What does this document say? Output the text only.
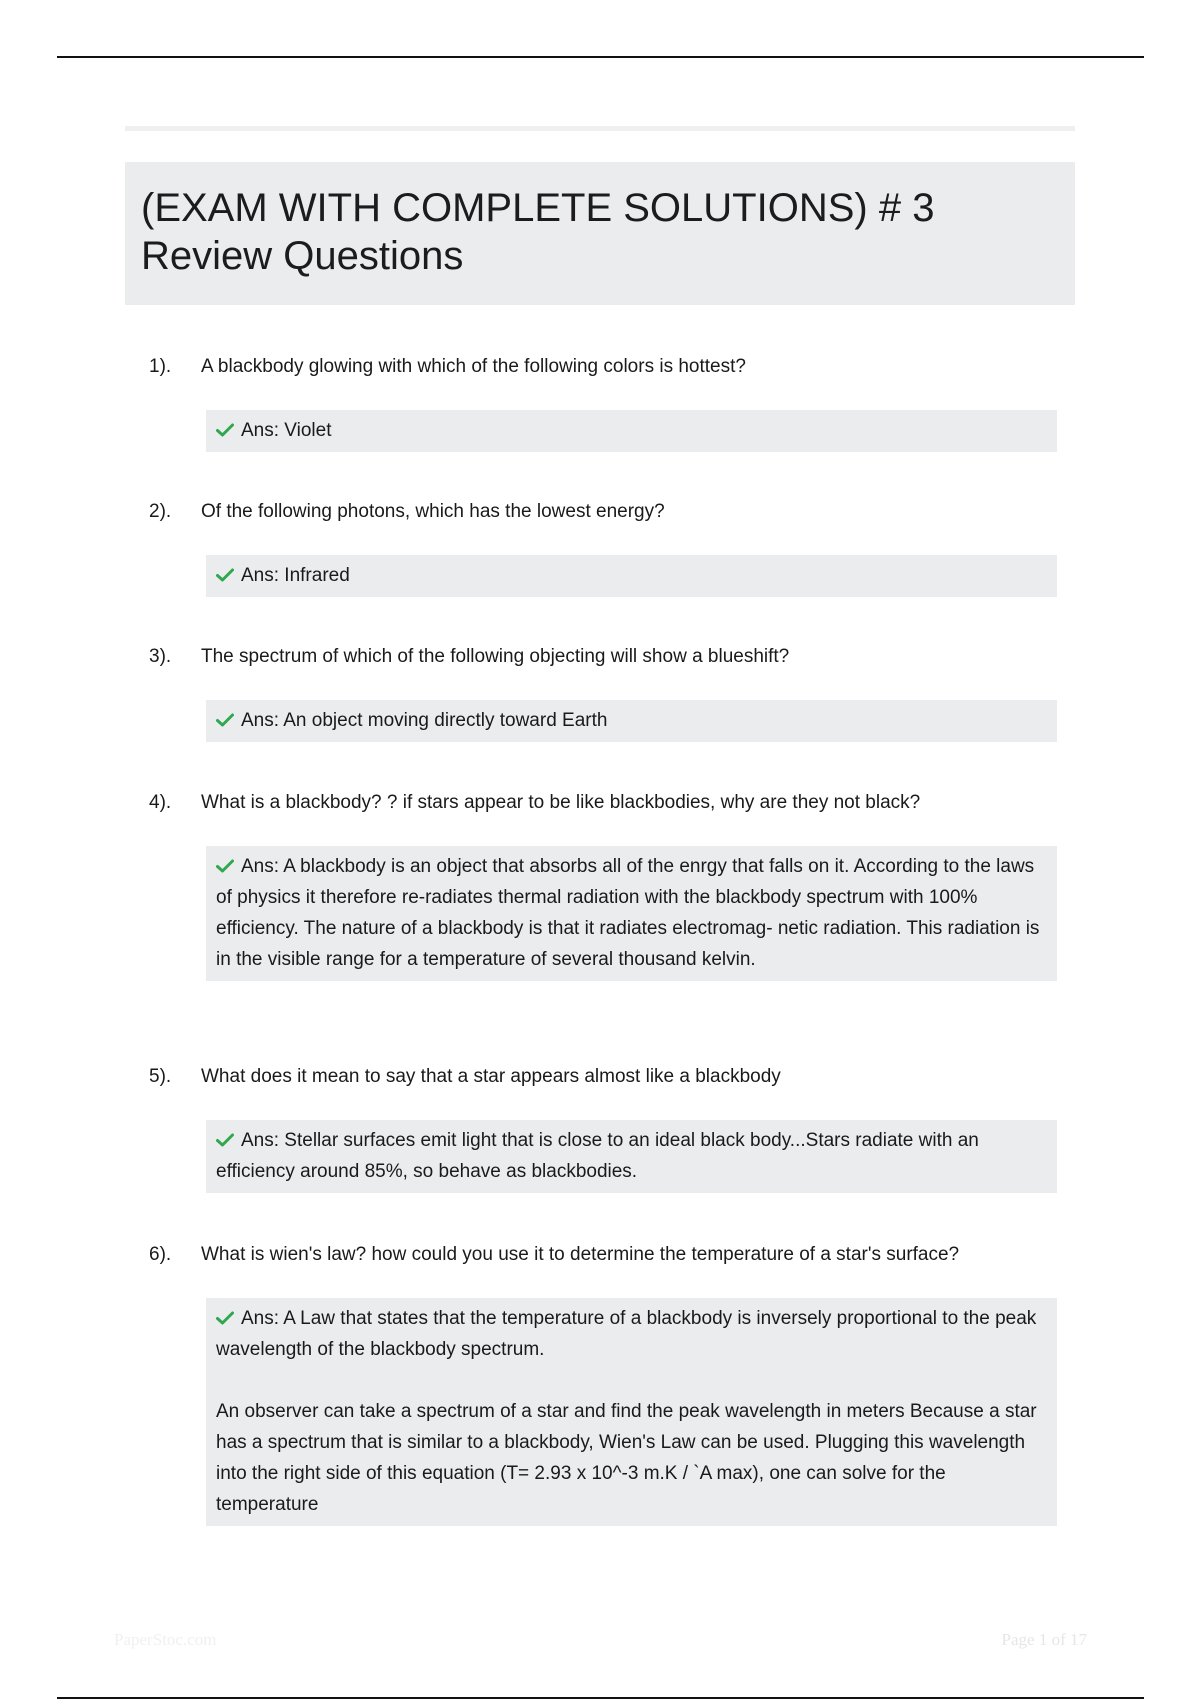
(EXAM WITH COMPLETE SOLUTIONS) # 3 Review Questions
1). A blackbody glowing with which of the following colors is hottest?

Ans: Violet

2). Of the following photons, which has the lowest energy?

Ans: Infrared

3). The spectrum of which of the following objecting will show a blueshift?

Ans: An object moving directly toward Earth

4). What is a blackbody? ? if stars appear to be like blackbodies, why are they not black?

Ans: A blackbody is an object that absorbs all of the enrgy that falls on it. According to the laws of physics it therefore re-radiates thermal radiation with the blackbody spectrum with 100% efficiency. The nature of a blackbody is that it radiates electromag- netic radiation. This radiation is in the visible range for a temperature of several thousand kelvin.

5). What does it mean to say that a star appears almost like a blackbody

Ans: Stellar surfaces emit light that is close to an ideal black body...Stars radiate with an efficiency around 85%, so behave as blackbodies.

6). What is wien's law? how could you use it to determine the temperature of a star's surface?

Ans: A Law that states that the temperature of a blackbody is inversely proportional to the peak wavelength of the blackbody spectrum.

An observer can take a spectrum of a star and find the peak wavelength in meters Because a star has a spectrum that is similar to a blackbody, Wien's Law can be used. Plugging this wavelength into the right side of this equation (T= 2.93 x 10^-3 m.K / `A max), one can solve for the temperature

PaperStoc.com	Page 1 of 17
